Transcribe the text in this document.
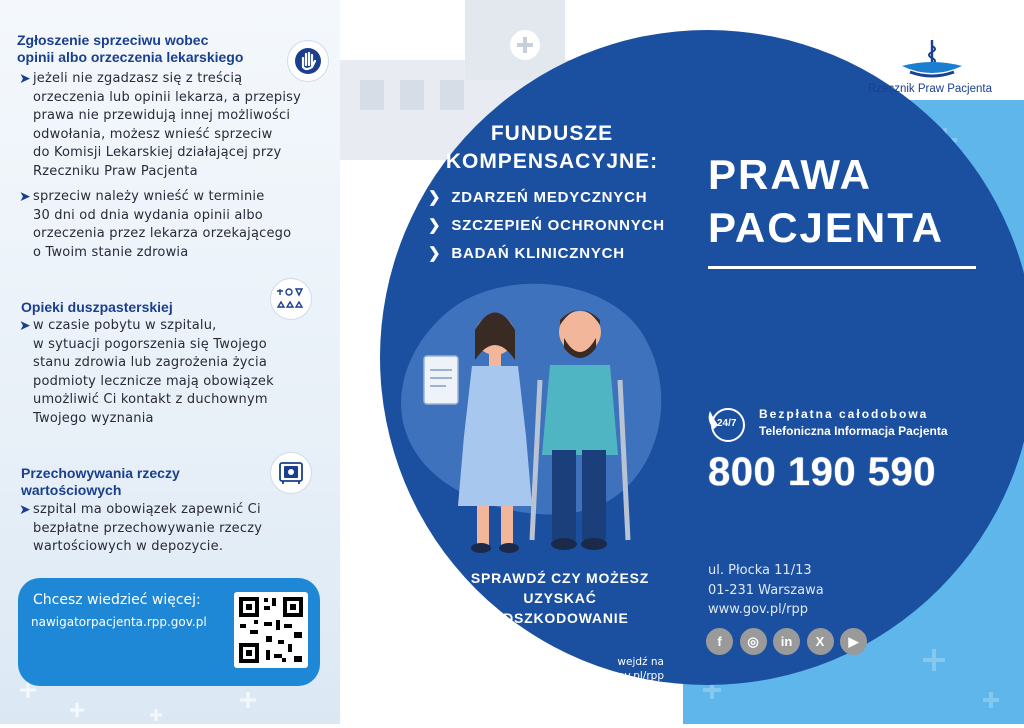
Zgłoszenie sprzeciwu wobec
opinii albo orzeczenia lekarskiego
➤ jeżeli nie zgadzasz się z treścią
orzeczenia lub opinii lekarza, a przepisy
prawa nie przewidują innej możliwości
odwołania, możesz wnieść sprzeciw
do Komisji Lekarskiej działającej przy
Rzeczniku Praw Pacjenta
➤ sprzeciw należy wnieść w terminie
30 dni od dnia wydania opinii albo
orzeczenia przez lekarza orzekającego
o Twoim stanie zdrowia
Opieki duszpasterskiej
➤ w czasie pobytu w szpitalu,
w sytuacji pogorszenia się Twojego
stanu zdrowia lub zagrożenia życia
podmioty lecznicze mają obowiązek
umożliwić Ci kontakt z duchownym
Twojego wyznania
Przechowywania rzeczy
wartościowych
➤ szpital ma obowiązek zapewnić Ci
bezpłatne przechowywanie rzeczy
wartościowych w depozycie.
Chcesz wiedzieć więcej:
nawigatorpacjenta.rpp.gov.pl
FUNDUSZE
KOMPENSACYJNE:
❯ ZDARZEŃ MEDYCZNYCH
❯ SZCZEPIEŃ OCHRONNYCH
❯ BADAŃ KLINICZNYCH
SPRAWDŹ CZY MOŻESZ
UZYSKAĆ
ODSZKODOWANIE
wejdź na
www.gov.pl/rpp
Rzecznik Praw Pacjenta
PRAWA
PACJENTA
24/7
Bezpłatna całodobowa
Telefoniczna Informacja Pacjenta
800 190 590
ul. Płocka 11/13
01-231 Warszawa
www.gov.pl/rpp
f	◎	in	X	▶
